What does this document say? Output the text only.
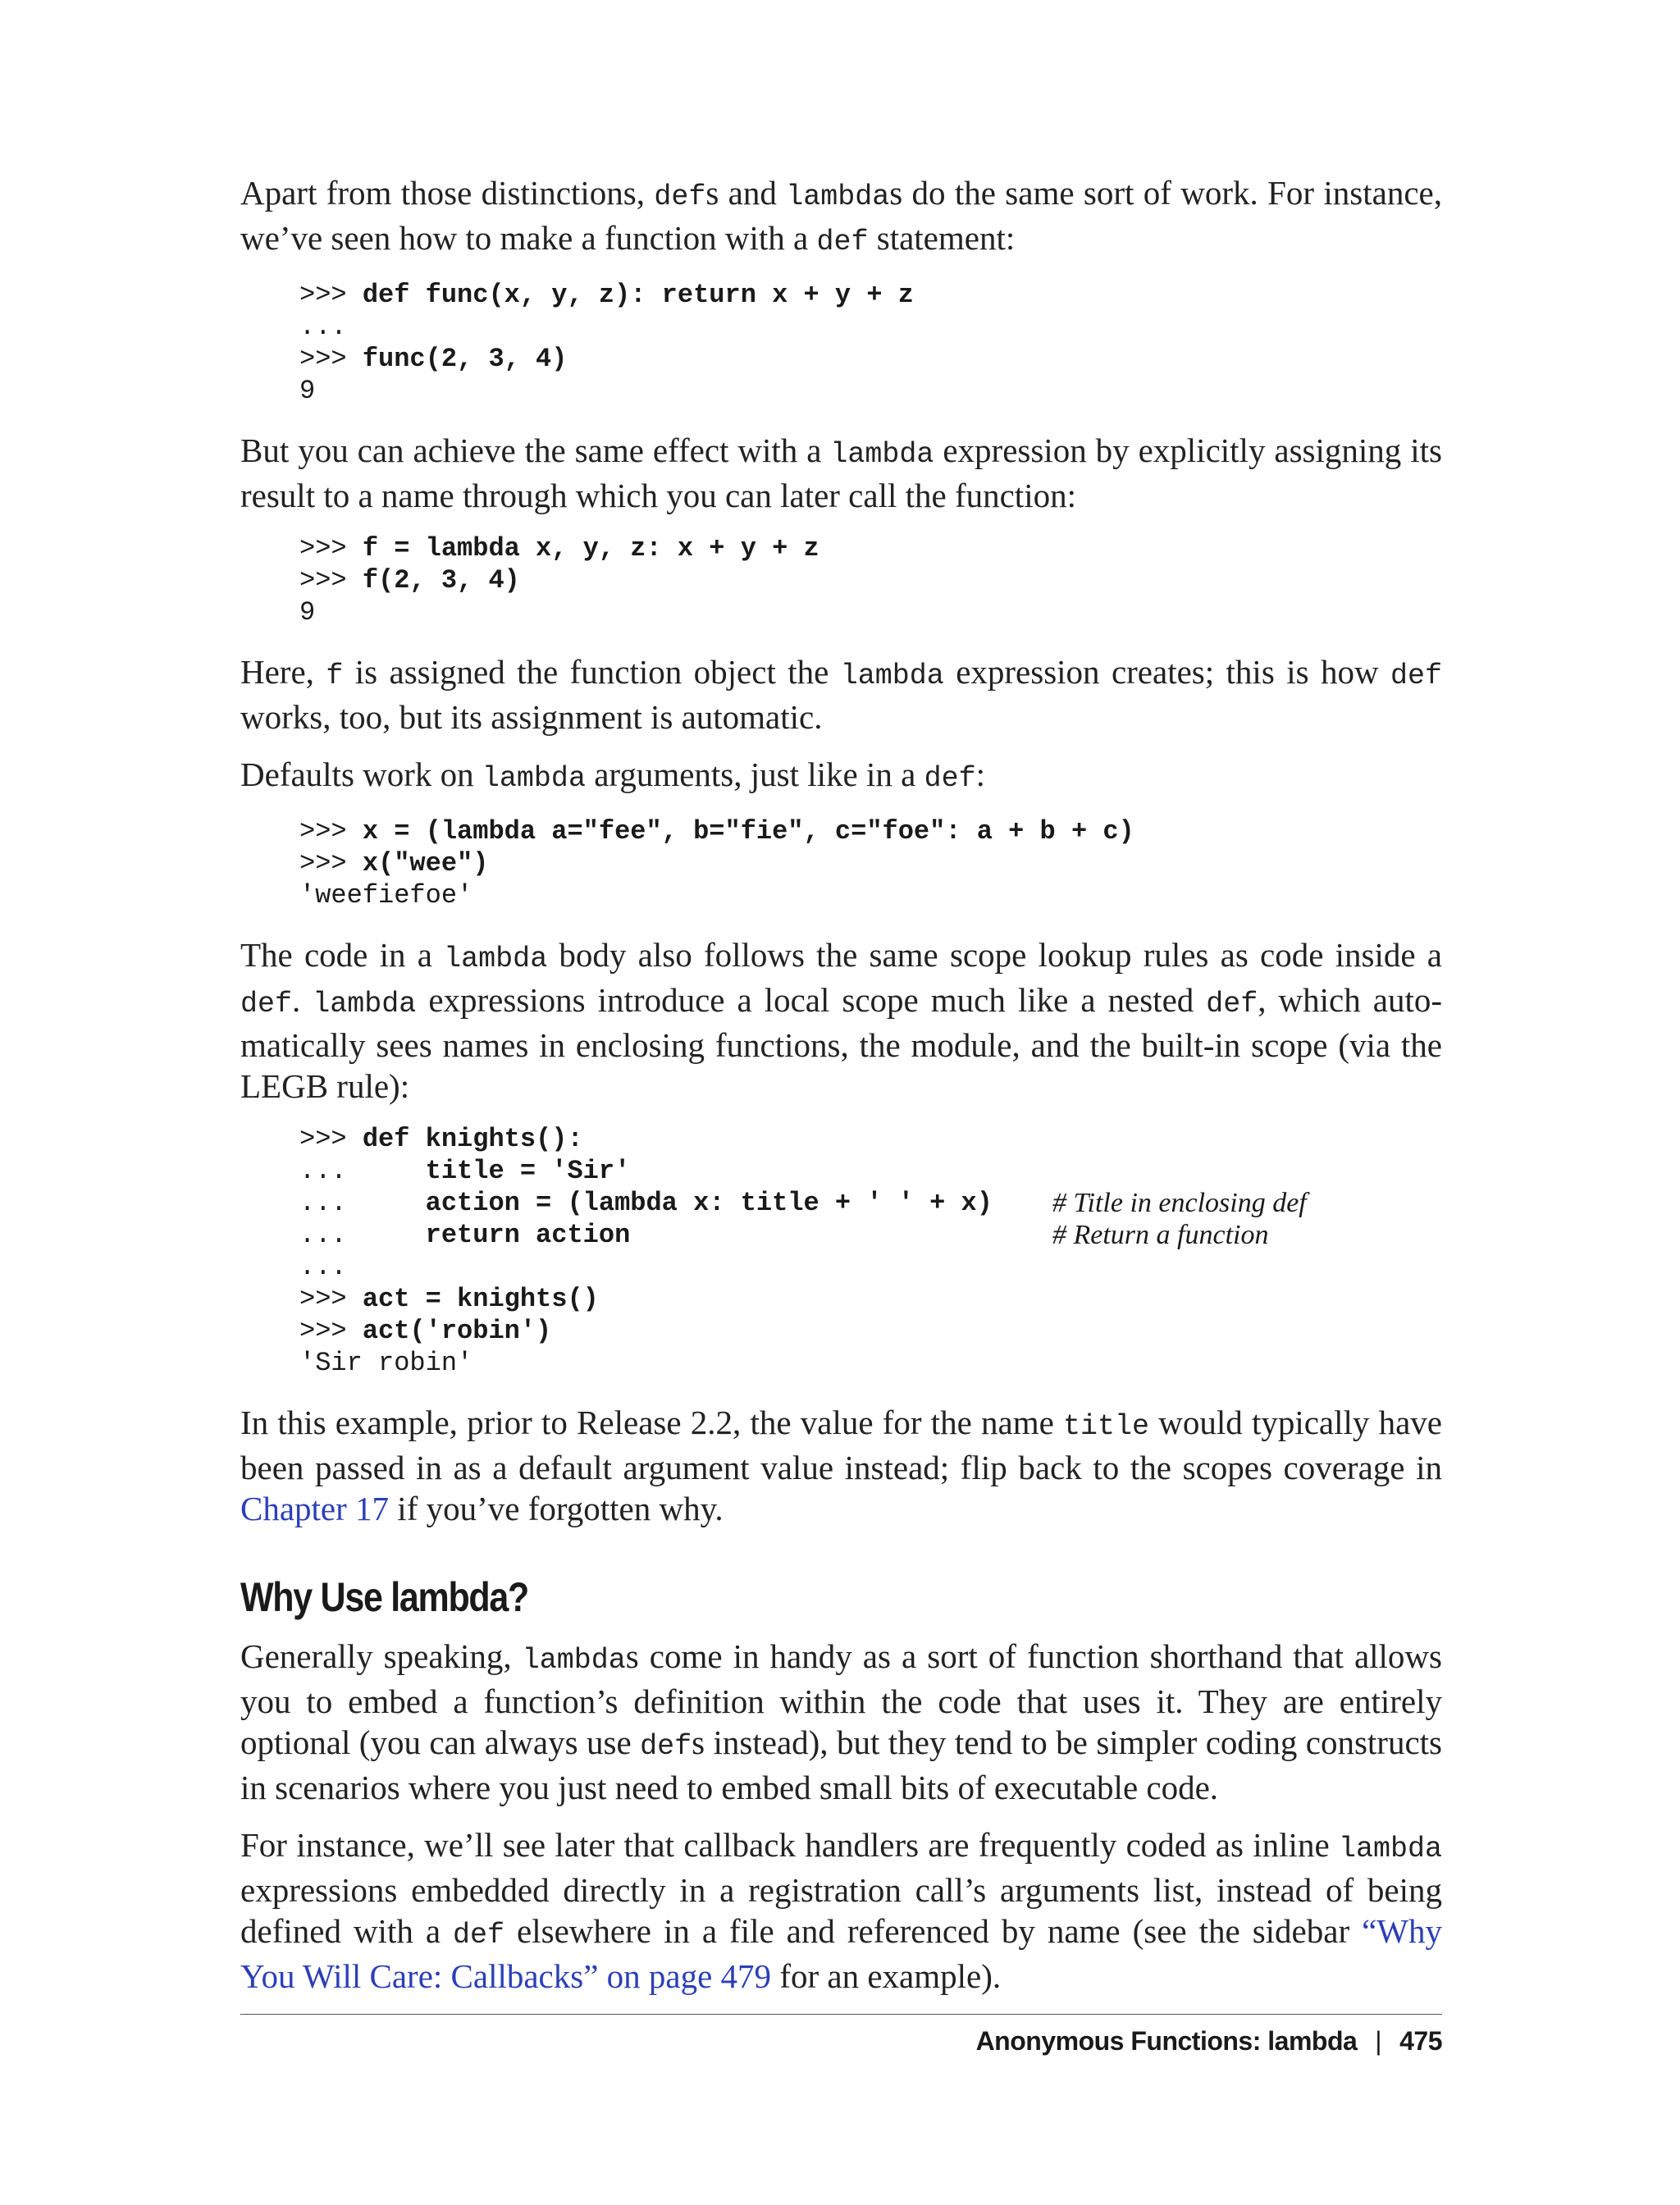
Apart from those distinctions, defs and lambdas do the same sort of work. For instance, we’ve seen how to make a function with a def statement:

>>> def func(x, y, z): return x + y + z
...
>>> func(2, 3, 4)
9

But you can achieve the same effect with a lambda expression by explicitly assigning its result to a name through which you can later call the function:

>>> f = lambda x, y, z: x + y + z
>>> f(2, 3, 4)
9

Here, f is assigned the function object the lambda expression creates; this is how def works, too, but its assignment is automatic.

Defaults work on lambda arguments, just like in a def:

>>> x = (lambda a="fee", b="fie", c="foe": a + b + c)
>>> x("wee")
'weefiefoe'

The code in a lambda body also follows the same scope lookup rules as code inside a def. lambda expressions introduce a local scope much like a nested def, which automatically sees names in enclosing functions, the module, and the built-in scope (via the LEGB rule):

>>> def knights():
...     title = 'Sir'
...     action = (lambda x: title + ' ' + x) # Title in enclosing def
...     return action	# Return a function
...
>>> act = knights()
>>> act('robin')
'Sir robin'

In this example, prior to Release 2.2, the value for the name title would typically have been passed in as a default argument value instead; flip back to the scopes coverage in Chapter 17 if you’ve forgotten why.

Why Use lambda?

Generally speaking, lambdas come in handy as a sort of function shorthand that allows you to embed a function’s definition within the code that uses it. They are entirely optional (you can always use defs instead), but they tend to be simpler coding constructs in scenarios where you just need to embed small bits of executable code.

For instance, we’ll see later that callback handlers are frequently coded as inline lambda expressions embedded directly in a registration call’s arguments list, instead of being defined with a def elsewhere in a file and referenced by name (see the sidebar “Why You Will Care: Callbacks” on page 479 for an example).

Anonymous Functions: lambda | 475
